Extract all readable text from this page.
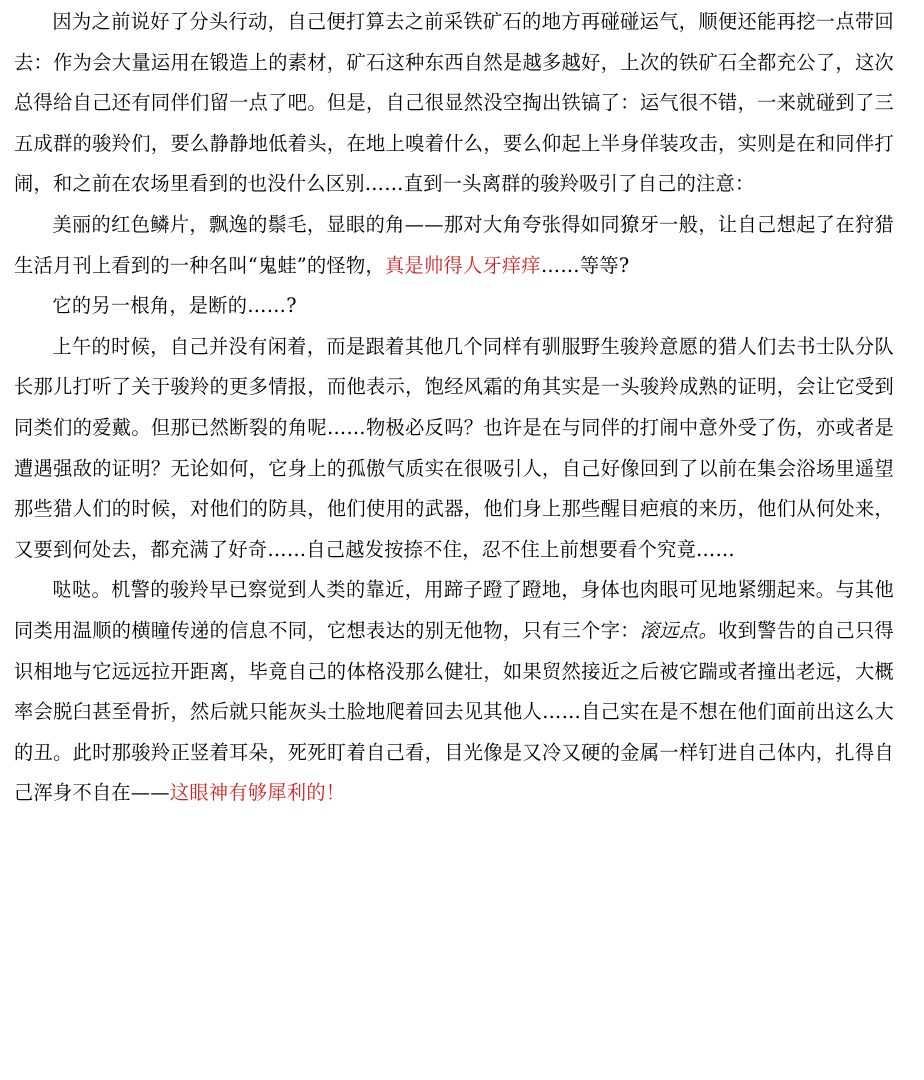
因为之前说好了分头行动，自己便打算去之前采铁矿石的地方再碰碰运气，顺便还能再挖一点带回去：作为会大量运用在锻造上的素材，矿石这种东西自然是越多越好，上次的铁矿石全都充公了，这次总得给自己还有同伴们留一点了吧。但是，自己很显然没空掏出铁镐了：运气很不错，一来就碰到了三五成群的骏羚们，要么静静地低着头，在地上嗅着什么，要么仰起上半身佯装攻击，实则是在和同伴打闹，和之前在农场里看到的也没什么区别……直到一头离群的骏羚吸引了自己的注意：

美丽的红色鳞片，飘逸的鬃毛，显眼的角——那对大角夸张得如同獠牙一般，让自己想起了在狩猎生活月刊上看到的一种名叫“鬼蛙”的怪物，真是帅得人牙痒痒……等等?

它的另一根角，是断的……?

上午的时候，自己并没有闲着，而是跟着其他几个同样有驯服野生骏羚意愿的猎人们去书士队分队长那儿打听了关于骏羚的更多情报，而他表示，饱经风霜的角其实是一头骏羚成熟的证明，会让它受到同类们的爱戴。但那已然断裂的角呢……物极必反吗？也许是在与同伴的打闹中意外受了伤，亦或者是遭遇强敌的证明？无论如何，它身上的孤傲气质实在很吸引人，自己好像回到了以前在集会浴场里遥望那些猎人们的时候，对他们的防具，他们使用的武器，他们身上那些醒目疤痕的来历，他们从何处来，又要到何处去，都充满了好奇……自己越发按捺不住，忍不住上前想要看个究竟……

哒哒。机警的骏羚早已察觉到人类的靠近，用蹄子蹬了蹬地，身体也肉眼可见地紧绷起来。与其他同类用温顺的横瞳传递的信息不同，它想表达的别无他物，只有三个字：滚远点。收到警告的自己只得识相地与它远远拉开距离，毕竟自己的体格没那么健壮，如果贸然接近之后被它踹或者撞出老远，大概率会脱臼甚至骨折，然后就只能灰头土脸地爬着回去见其他人……自己实在是不想在他们面前出这么大的丑。此时那骏羚正竖着耳朵，死死盯着自己看，目光像是又冷又硬的金属一样钉进自己体内，扎得自己浑身不自在——这眼神有够犀利的！
